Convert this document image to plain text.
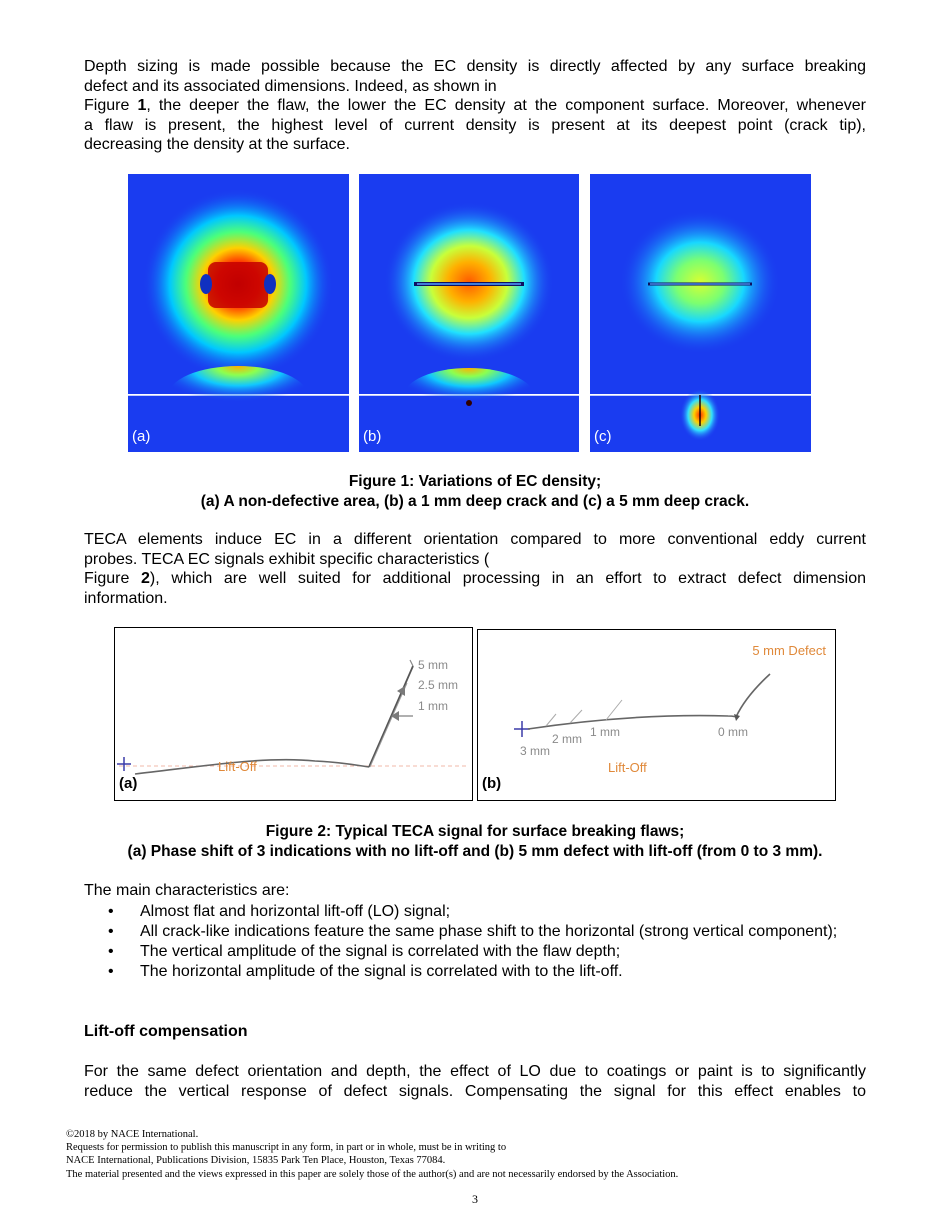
Depth sizing is made possible because the EC density is directly affected by any surface breaking
defect and its associated dimensions. Indeed, as shown in
Figure 1, the deeper the flaw, the lower the EC density at the component surface. Moreover, whenever
a flaw is present, the highest level of current density is present at its deepest point (crack tip),
decreasing the density at the surface.
(a)	(b)	(c)
Figure 1: Variations of EC density;
(a) A non-defective area, (b) a 1 mm deep crack and (c) a 5 mm deep crack.
TECA elements induce EC in a different orientation compared to more conventional eddy current
probes. TECA EC signals exhibit specific characteristics (
Figure 2), which are well suited for additional processing in an effort to extract defect dimension
information.
5 mm
2.5 mm
1 mm
Lift-Off
(a)
5 mm Defect
3 mm
2 mm 1 mm	0 mm
Lift-Off
(b)
Figure 2: Typical TECA signal for surface breaking flaws;
(a) Phase shift of 3 indications with no lift-off and (b) 5 mm defect with lift-off (from 0 to 3 mm).
The main characteristics are:
• Almost flat and horizontal lift-off (LO) signal;
• All crack-like indications feature the same phase shift to the horizontal (strong vertical component);
• The vertical amplitude of the signal is correlated with the flaw depth;
• The horizontal amplitude of the signal is correlated with to the lift-off.
Lift-off compensation
For the same defect orientation and depth, the effect of LO due to coatings or paint is to significantly
reduce the vertical response of defect signals. Compensating the signal for this effect enables to
©2018 by NACE International.
Requests for permission to publish this manuscript in any form, in part or in whole, must be in writing to
NACE International, Publications Division, 15835 Park Ten Place, Houston, Texas 77084.
The material presented and the views expressed in this paper are solely those of the author(s) and are not necessarily endorsed by the Association.
3
